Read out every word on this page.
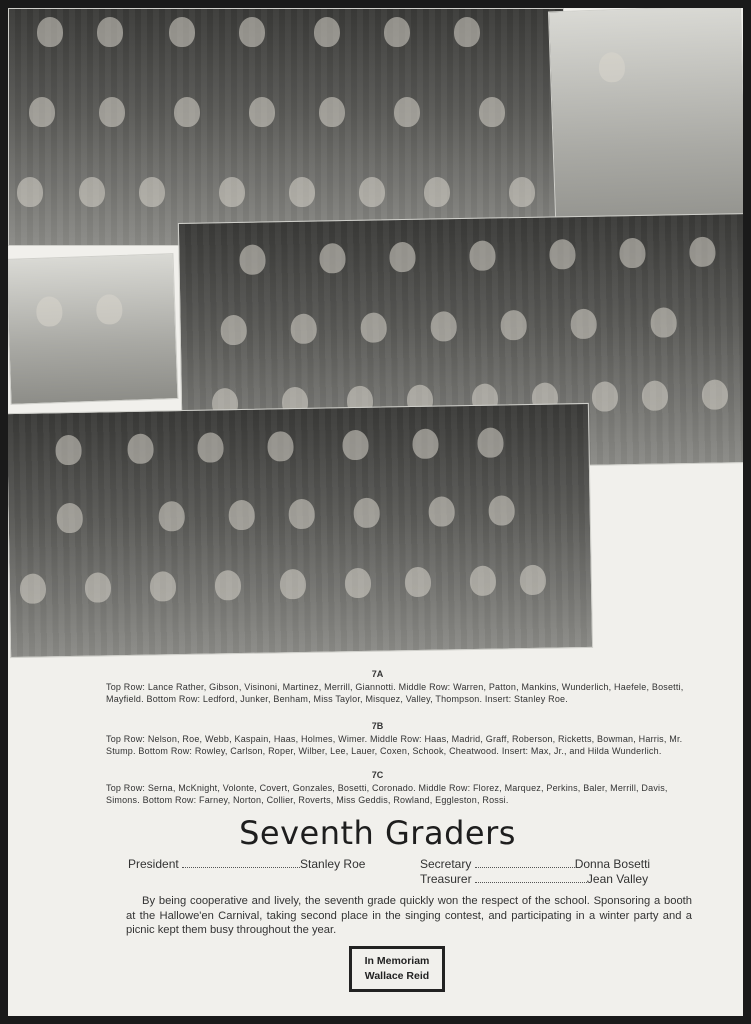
7A
Top Row: Lance Rather, Gibson, Visinoni, Martinez, Merrill, Giannotti. Middle Row: Warren, Patton, Mankins, Wunderlich, Haefele, Bosetti, Mayfield. Bottom Row: Ledford, Junker, Benham, Miss Taylor, Misquez, Valley, Thompson. Insert: Stanley Roe.
7B
Top Row: Nelson, Roe, Webb, Kaspain, Haas, Holmes, Wimer. Middle Row: Haas, Madrid, Graff, Roberson, Ricketts, Bowman, Harris, Mr. Stump. Bottom Row: Rowley, Carlson, Roper, Wilber, Lee, Lauer, Coxen, Schook, Cheatwood. Insert: Max, Jr., and Hilda Wunderlich.
7C
Top Row: Serna, McKnight, Volonte, Covert, Gonzales, Bosetti, Coronado. Middle Row: Florez, Marquez, Perkins, Baler, Merrill, Davis, Simons. Bottom Row: Farney, Norton, Collier, Roverts, Miss Geddis, Rowland, Eggleston, Rossi.
Seventh Graders
President	Stanley Roe	Secretary	Donna Bosetti
Treasurer	Jean Valley
By being cooperative and lively, the seventh grade quickly won the respect of the school. Sponsoring a booth at the Hallowe'en Carnival, taking second place in the singing contest, and participating in a winter party and a picnic kept them busy throughout the year.
In Memoriam
Wallace Reid
